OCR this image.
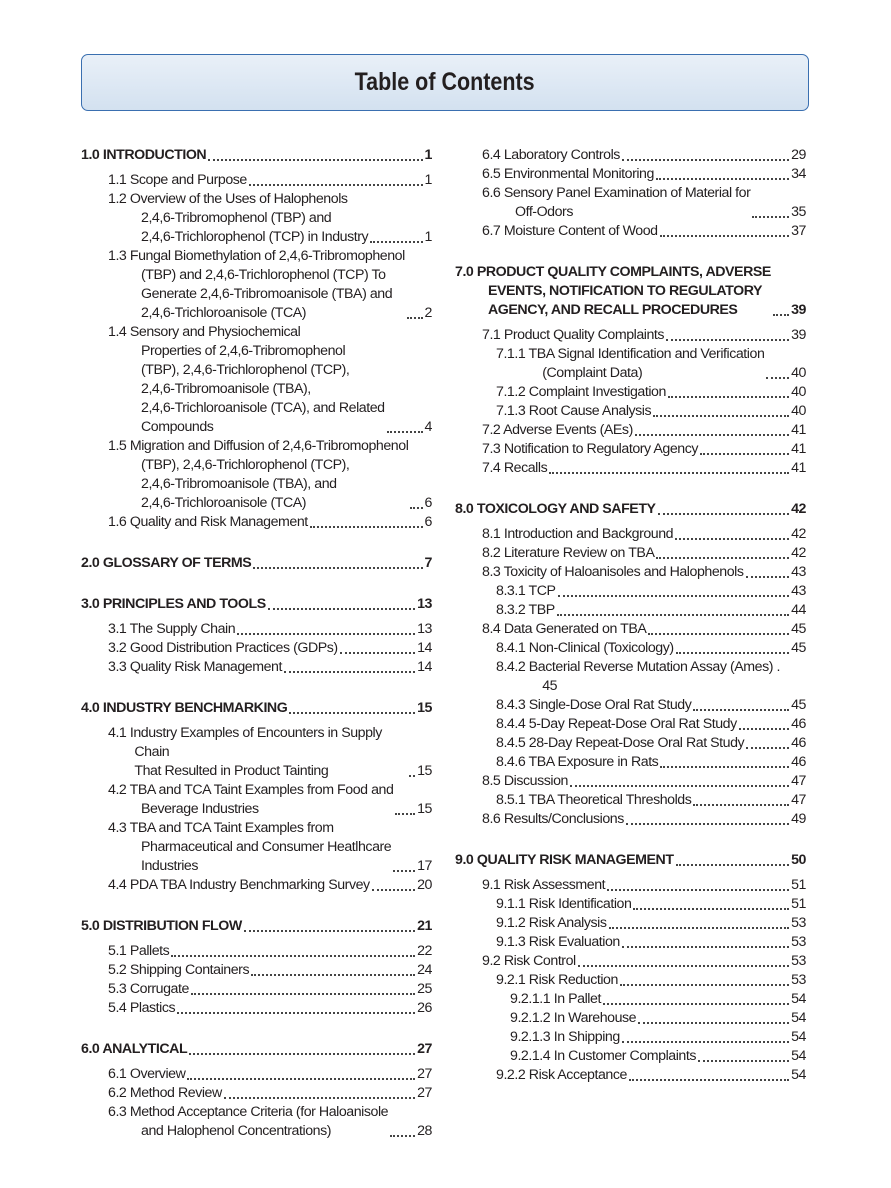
Table of Contents
1.0 INTRODUCTION	1
1.1 Scope and Purpose	1
1.2 Overview of the Uses of Halophenols
2,4,6-Tribromophenol (TBP) and
2,4,6-Trichlorophenol (TCP) in Industry	1
1.3 Fungal Biomethylation of 2,4,6-Tribromophenol
(TBP) and 2,4,6-Trichlorophenol (TCP) To
Generate 2,4,6-Tribromoanisole (TBA) and
2,4,6-Trichloroanisole (TCA)	2
1.4 Sensory and Physiochemical
Properties of 2,4,6-Tribromophenol
(TBP), 2,4,6-Trichlorophenol (TCP),
2,4,6-Tribromoanisole (TBA),
2,4,6-Trichloroanisole (TCA), and Related
Compounds	4
1.5 Migration and Diffusion of 2,4,6-Tribromophenol
(TBP), 2,4,6-Trichlorophenol (TCP),
2,4,6-Tribromoanisole (TBA), and
2,4,6-Trichloroanisole (TCA)	6
1.6 Quality and Risk Management	6
2.0 GLOSSARY OF TERMS	7
3.0 PRINCIPLES AND TOOLS	13
3.1 The Supply Chain	13
3.2 Good Distribution Practices (GDPs)	14
3.3 Quality Risk Management	14
4.0 INDUSTRY BENCHMARKING	15
4.1 Industry Examples of Encounters in Supply Chain
That Resulted in Product Tainting	15
4.2 TBA and TCA Taint Examples from Food and
Beverage Industries	15
4.3 TBA and TCA Taint Examples from
Pharmaceutical and Consumer Heatlhcare
Industries	17
4.4 PDA TBA Industry Benchmarking Survey	20
5.0 DISTRIBUTION FLOW	21
5.1 Pallets	22
5.2 Shipping Containers	24
5.3 Corrugate	25
5.4 Plastics	26
6.0 ANALYTICAL	27
6.1 Overview	27
6.2 Method Review	27
6.3 Method Acceptance Criteria (for Haloanisole
and Halophenol Concentrations)	28
6.4 Laboratory Controls	29
6.5 Environmental Monitoring	34
6.6 Sensory Panel Examination of Material for
Off-Odors	35
6.7 Moisture Content of Wood	37
7.0 PRODUCT QUALITY COMPLAINTS, ADVERSE
EVENTS, NOTIFICATION TO REGULATORY
AGENCY, AND RECALL PROCEDURES	39
7.1 Product Quality Complaints	39
7.1.1 TBA Signal Identification and Verification
(Complaint Data)	40
7.1.2 Complaint Investigation	40
7.1.3 Root Cause Analysis	40
7.2 Adverse Events (AEs)	41
7.3 Notification to Regulatory Agency	41
7.4 Recalls	41
8.0 TOXICOLOGY AND SAFETY	42
8.1 Introduction and Background	42
8.2 Literature Review on TBA	42
8.3 Toxicity of Haloanisoles and Halophenols	43
8.3.1 TCP	43
8.3.2 TBP	44
8.4 Data Generated on TBA	45
8.4.1 Non-Clinical (Toxicology)	45
8.4.2 Bacterial Reverse Mutation Assay (Ames) .
45
8.4.3 Single-Dose Oral Rat Study	45
8.4.4 5-Day Repeat-Dose Oral Rat Study	46
8.4.5 28-Day Repeat-Dose Oral Rat Study	46
8.4.6 TBA Exposure in Rats	46
8.5 Discussion	47
8.5.1 TBA Theoretical Thresholds	47
8.6 Results/Conclusions	49
9.0 QUALITY RISK MANAGEMENT	50
9.1 Risk Assessment	51
9.1.1 Risk Identification	51
9.1.2 Risk Analysis	53
9.1.3 Risk Evaluation	53
9.2 Risk Control	53
9.2.1 Risk Reduction	53
9.2.1.1 In Pallet	54
9.2.1.2 In Warehouse	54
9.2.1.3 In Shipping	54
9.2.1.4 In Customer Complaints	54
9.2.2 Risk Acceptance	54
